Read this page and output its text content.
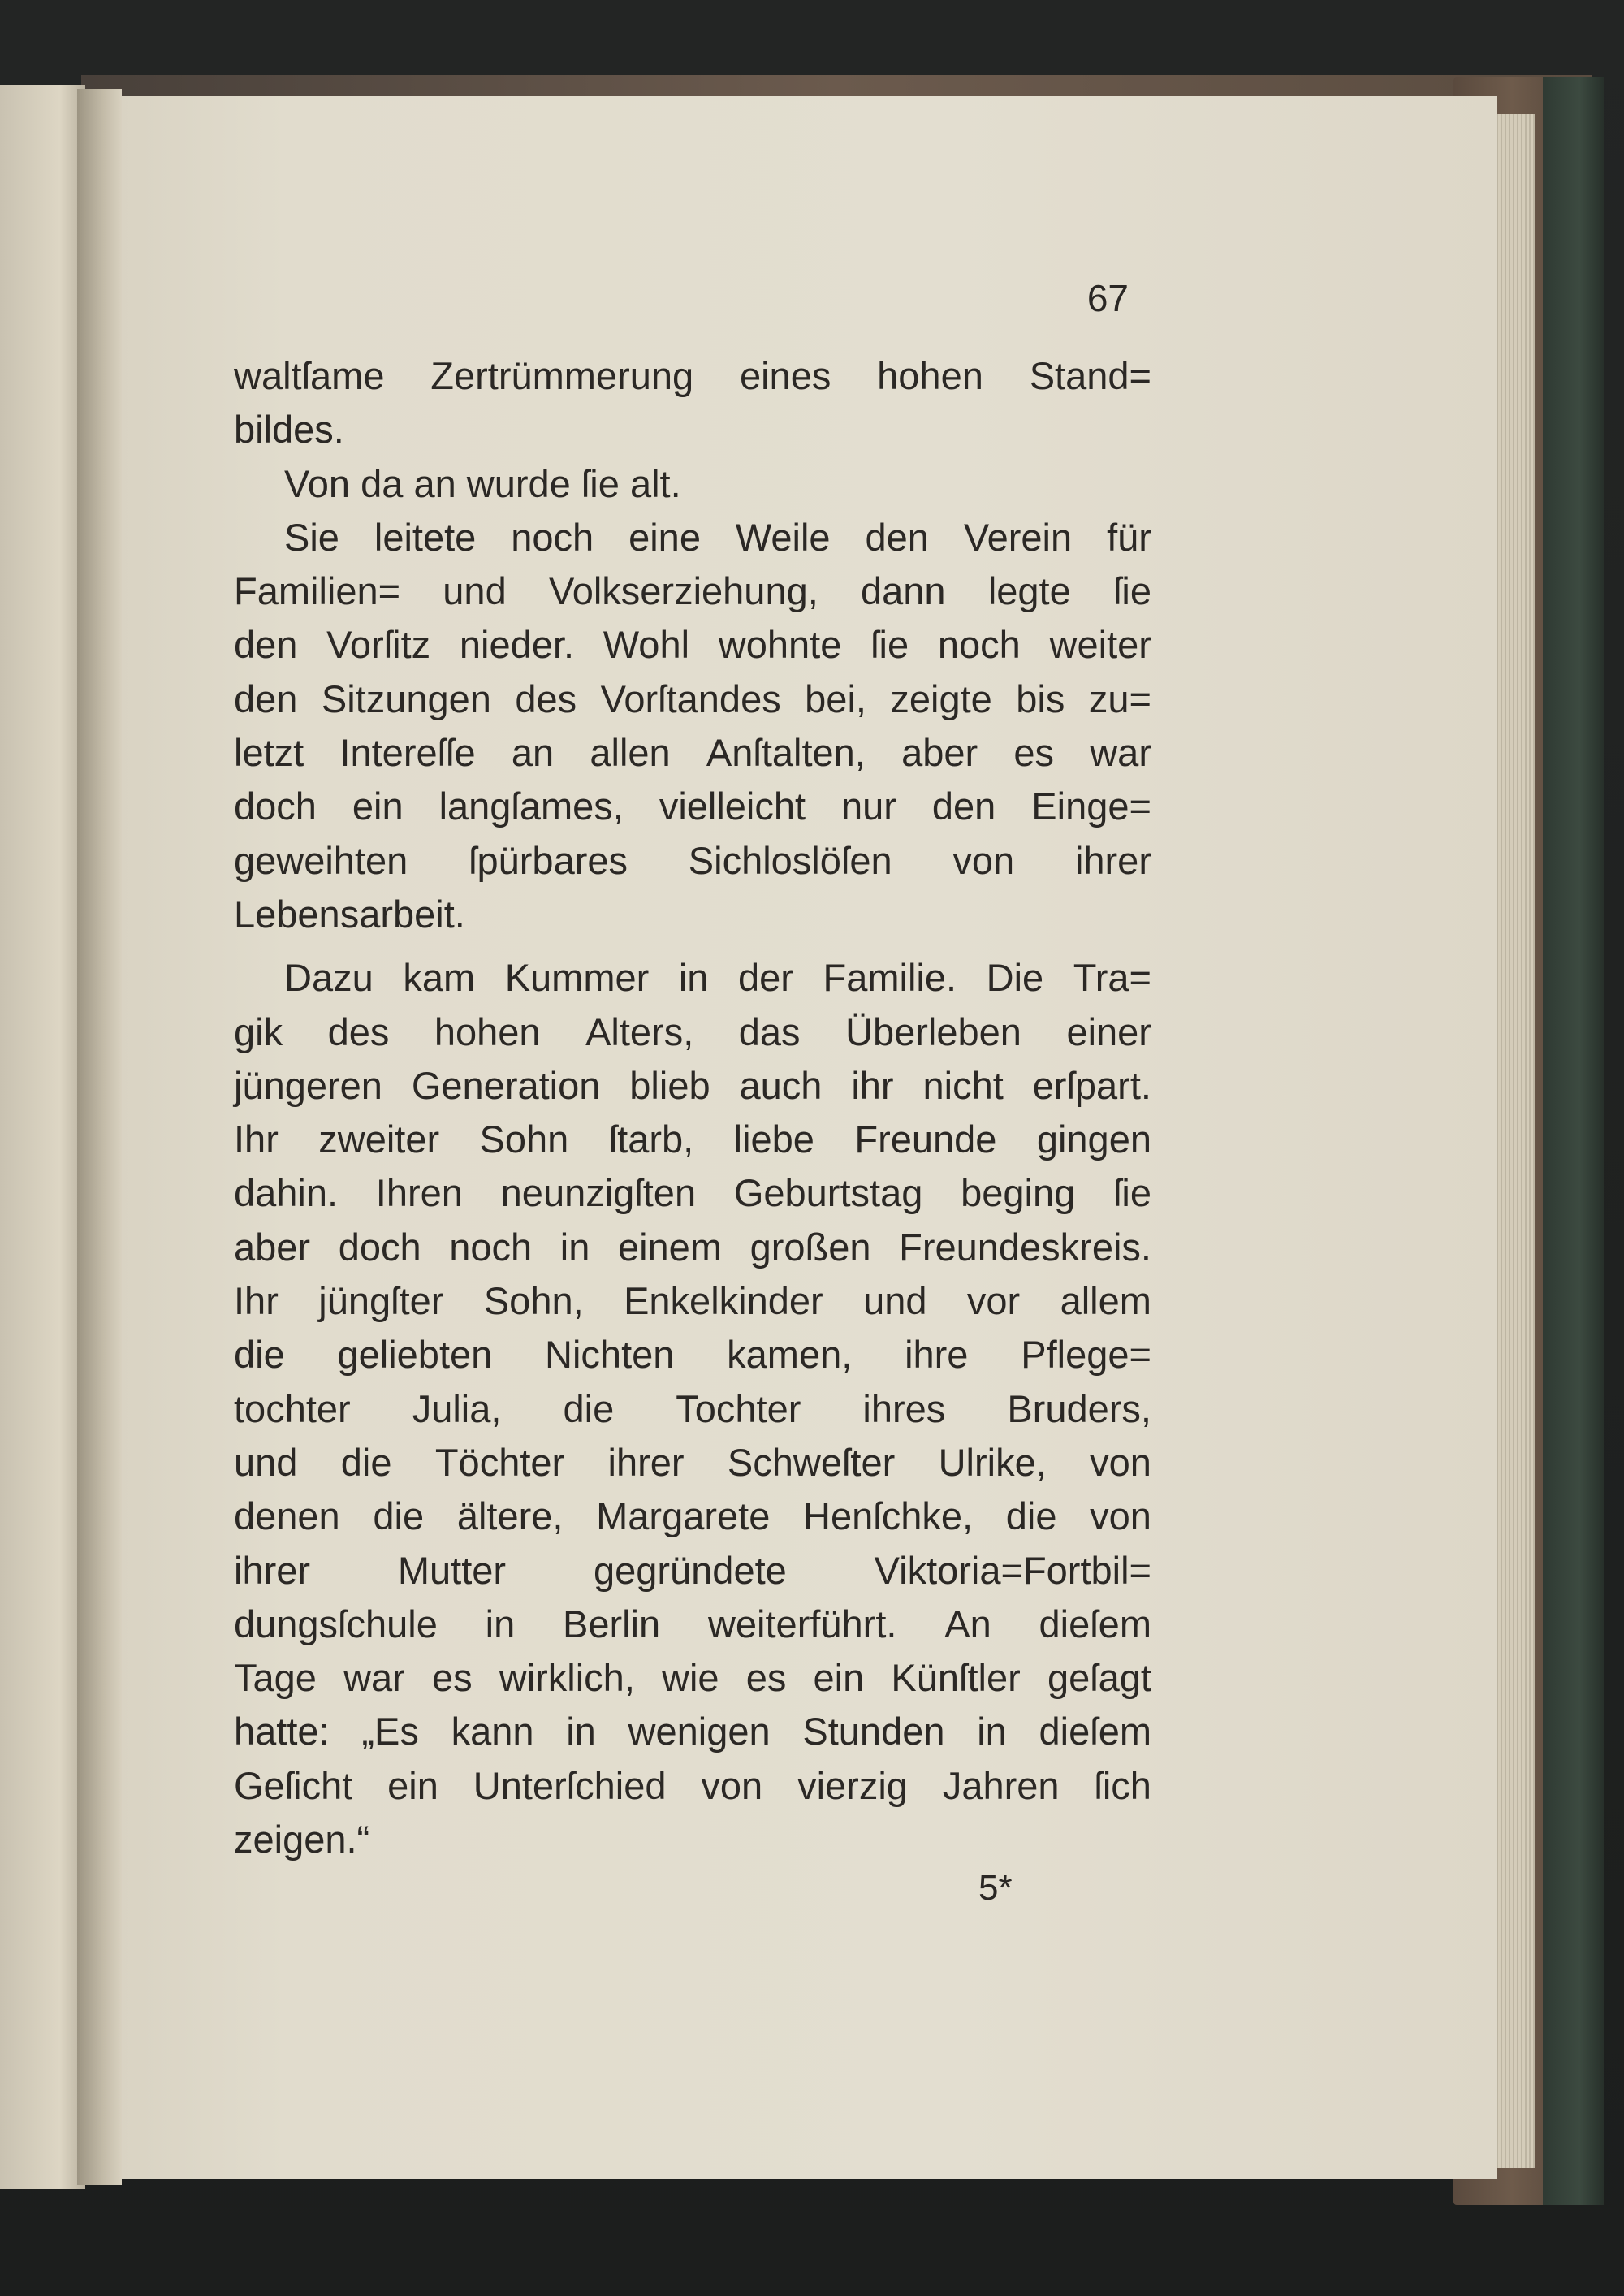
67
waltſame Zertrümmerung eines hohen Stand=
bildes.
Von da an wurde ſie alt.
Sie leitete noch eine Weile den Verein für
Familien= und Volkserziehung, dann legte ſie
den Vorſitz nieder. Wohl wohnte ſie noch weiter
den Sitzungen des Vorſtandes bei, zeigte bis zu=
letzt Intereſſe an allen Anſtalten, aber es war
doch ein langſames, vielleicht nur den Einge=
geweihten ſpürbares Sichloslöſen von ihrer
Lebensarbeit.
Dazu kam Kummer in der Familie. Die Tra=
gik des hohen Alters, das Überleben einer
jüngeren Generation blieb auch ihr nicht erſpart.
Ihr zweiter Sohn ſtarb, liebe Freunde gingen
dahin. Ihren neunzigſten Geburtstag beging ſie
aber doch noch in einem großen Freundeskreis.
Ihr jüngſter Sohn, Enkelkinder und vor allem
die geliebten Nichten kamen, ihre Pflege=
tochter Julia, die Tochter ihres Bruders,
und die Töchter ihrer Schweſter Ulrike, von
denen die ältere, Margarete Henſchke, die von
ihrer Mutter gegründete Viktoria=Fortbil=
dungsſchule in Berlin weiterführt. An dieſem
Tage war es wirklich, wie es ein Künſtler geſagt
hatte: „Es kann in wenigen Stunden in dieſem
Geſicht ein Unterſchied von vierzig Jahren ſich
zeigen.“
5*
